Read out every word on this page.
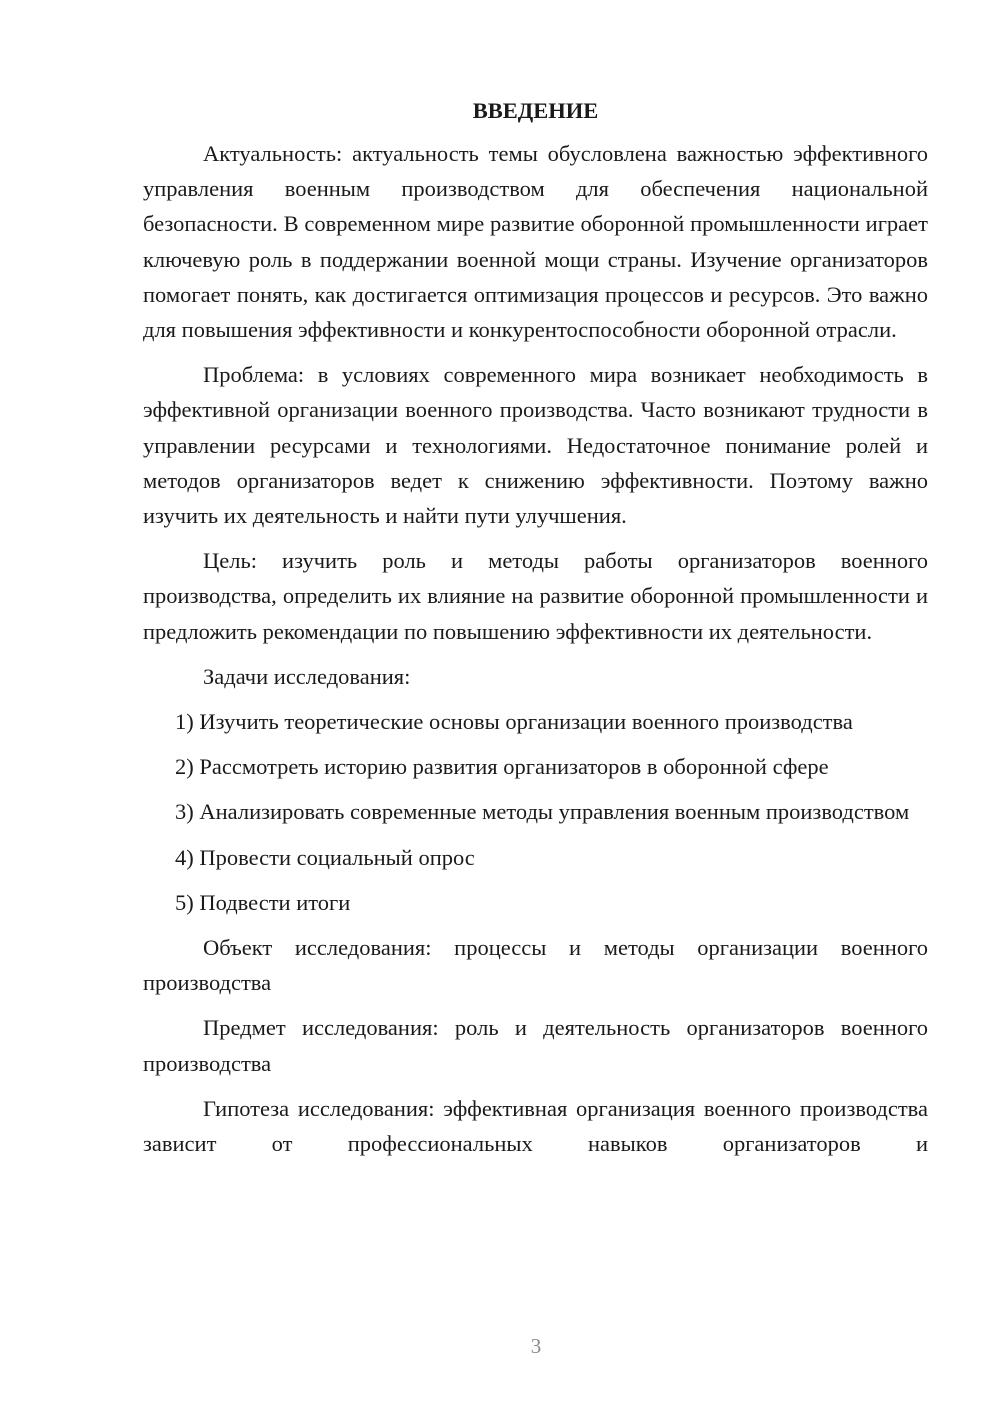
ВВЕДЕНИЕ

Актуальность: актуальность темы обусловлена важностью эффективного управления военным производством для обеспечения национальной безопасности. В современном мире развитие оборонной промышленности играет ключевую роль в поддержании военной мощи страны. Изучение организаторов помогает понять, как достигается оптимизация процессов и ресурсов. Это важно для повышения эффективности и конкурентоспособности оборонной отрасли.

Проблема: в условиях современного мира возникает необходимость в эффективной организации военного производства. Часто возникают трудности в управлении ресурсами и технологиями. Недостаточное понимание ролей и методов организаторов ведет к снижению эффективности. Поэтому важно изучить их деятельность и найти пути улучшения.

Цель: изучить роль и методы работы организаторов военного производства, определить их влияние на развитие оборонной промышленности и предложить рекомендации по повышению эффективности их деятельности.

Задачи исследования:

1) Изучить теоретические основы организации военного производства

2) Рассмотреть историю развития организаторов в оборонной сфере

3) Анализировать современные методы управления военным производством

4) Провести социальный опрос

5) Подвести итоги

Объект исследования: процессы и методы организации военного производства

Предмет исследования: роль и деятельность организаторов военного производства

Гипотеза исследования: эффективная организация военного производства зависит от профессиональных навыков организаторов и

3
